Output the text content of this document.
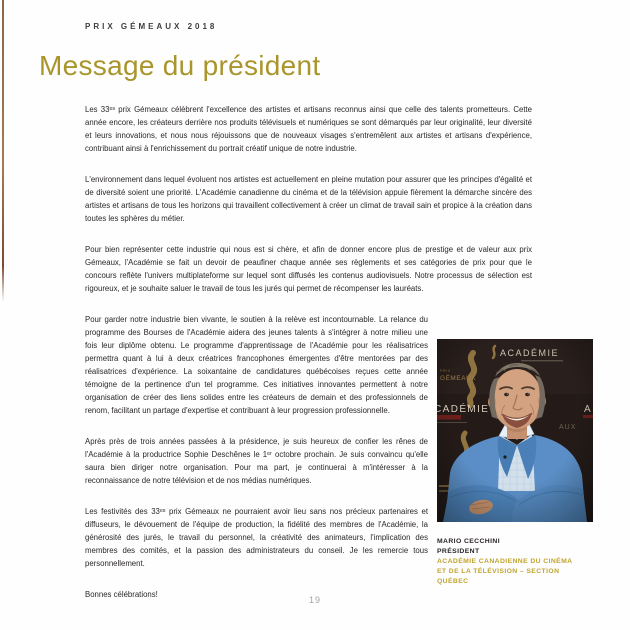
PRIX GÉMEAUX 2018
Message du président

Les 33ᵉˢ prix Gémeaux célèbrent l'excellence des artistes et artisans reconnus ainsi que celle des talents prometteurs. Cette année encore, les créateurs derrière nos produits télévisuels et numériques se sont démarqués par leur originalité, leur diversité et leurs innovations, et nous nous réjouissons que de nouveaux visages s'entremêlent aux artistes et artisans d'expérience, contribuant ainsi à l'enrichissement du portrait créatif unique de notre industrie.

L'environnement dans lequel évoluent nos artistes est actuellement en pleine mutation pour assurer que les principes d'égalité et de diversité soient une priorité. L'Académie canadienne du cinéma et de la télévision appuie fièrement la démarche sincère des artistes et artisans de tous les horizons qui travaillent collectivement à créer un climat de travail sain et propice à la création dans toutes les sphères du métier.

Pour bien représenter cette industrie qui nous est si chère, et afin de donner encore plus de prestige et de valeur aux prix Gémeaux, l'Académie se fait un devoir de peaufiner chaque année ses règlements et ses catégories de prix pour que le concours reflète l'univers multiplateforme sur lequel sont diffusés les contenus audiovisuels. Notre processus de sélection est rigoureux, et je souhaite saluer le travail de tous les jurés qui permet de récompenser les lauréats.

Pour garder notre industrie bien vivante, le soutien à la relève est incontournable. La relance du programme des Bourses de l'Académie aidera des jeunes talents à s'intégrer à notre milieu une fois leur diplôme obtenu. Le programme d'apprentissage de l'Académie pour les réalisatrices permettra quant à lui à deux créatrices francophones émergentes d'être mentorées par des réalisatrices d'expérience. La soixantaine de candidatures québécoises reçues cette année témoigne de la pertinence d'un tel programme. Ces initiatives innovantes permettent à notre organisation de créer des liens solides entre les créateurs de demain et des professionnels de renom, facilitant un partage d'expertise et contribuant à leur progression professionnelle.

Après près de trois années passées à la présidence, je suis heureux de confier les rênes de l'Académie à la productrice Sophie Deschênes le 1ᵉʳ octobre prochain. Je suis convaincu qu'elle saura bien diriger notre organisation. Pour ma part, je continuerai à m'intéresser à la reconnaissance de notre télévision et de nos médias numériques.

Les festivités des 33ᵉˢ prix Gémeaux ne pourraient avoir lieu sans nos précieux partenaires et diffuseurs, le dévouement de l'équipe de production, la fidélité des membres de l'Académie, la générosité des jurés, le travail du personnel, la créativité des animateurs, l'implication des membres des comités, et la passion des administrateurs du conseil. Je les remercie tous personnellement.

Bonnes célébrations!

MARIO CECCHINI
PRÉSIDENT
ACADÉMIE CANADIENNE DU CINÉMA
ET DE LA TÉLÉVISION – SECTION QUÉBEC
19
